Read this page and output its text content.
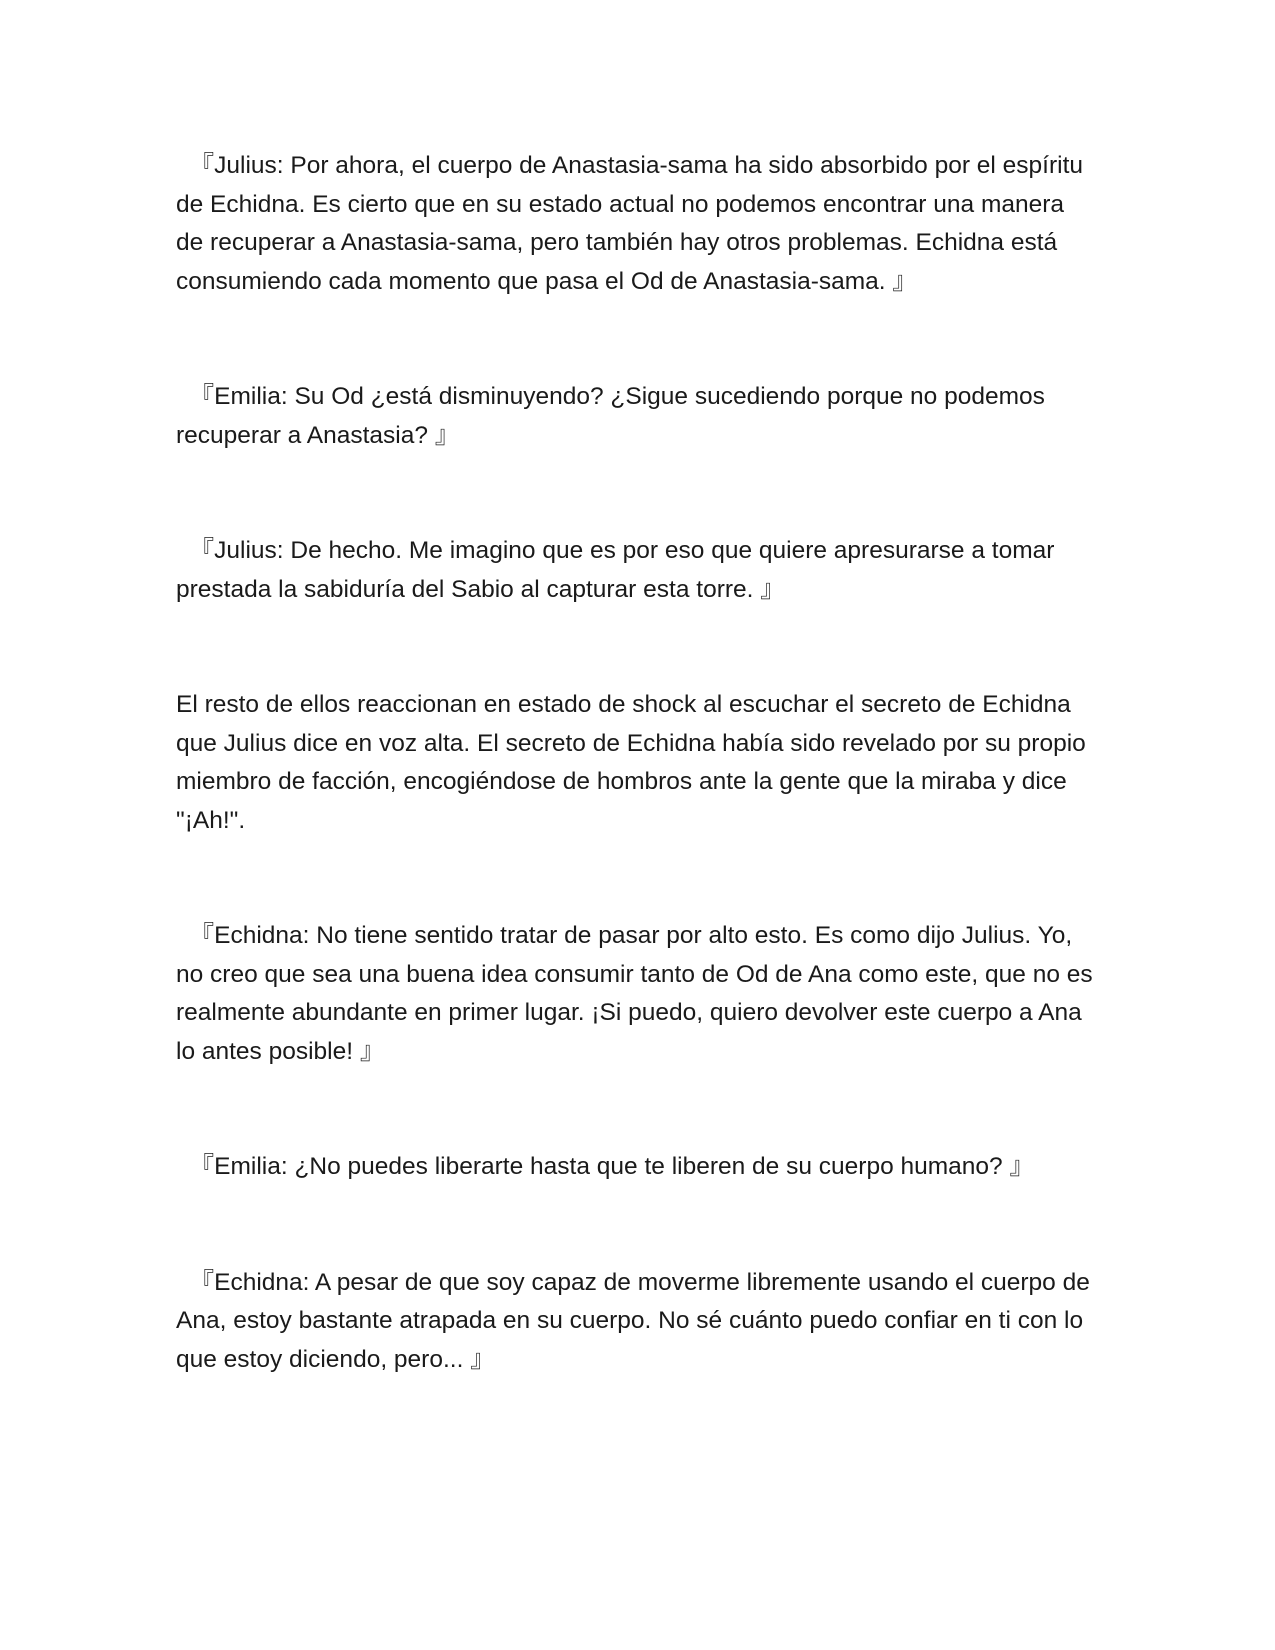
『Julius: Por ahora, el cuerpo de Anastasia-sama ha sido absorbido por el espíritu de Echidna. Es cierto que en su estado actual no podemos encontrar una manera de recuperar a Anastasia-sama, pero también hay otros problemas. Echidna está consumiendo cada momento que pasa el Od de Anastasia-sama. 』

『Emilia: Su Od ¿está disminuyendo? ¿Sigue sucediendo porque no podemos recuperar a Anastasia? 』

『Julius: De hecho. Me imagino que es por eso que quiere apresurarse a tomar prestada la sabiduría del Sabio al capturar esta torre. 』

El resto de ellos reaccionan en estado de shock al escuchar el secreto de Echidna que Julius dice en voz alta. El secreto de Echidna había sido revelado por su propio miembro de facción, encogiéndose de hombros ante la gente que la miraba y dice "¡Ah!".

『Echidna: No tiene sentido tratar de pasar por alto esto. Es como dijo Julius. Yo, no creo que sea una buena idea consumir tanto de Od de Ana como este, que no es realmente abundante en primer lugar. ¡Si puedo, quiero devolver este cuerpo a Ana lo antes posible! 』

『Emilia: ¿No puedes liberarte hasta que te liberen de su cuerpo humano? 』

『Echidna: A pesar de que soy capaz de moverme libremente usando el cuerpo de Ana, estoy bastante atrapada en su cuerpo. No sé cuánto puedo confiar en ti con lo que estoy diciendo, pero... 』
